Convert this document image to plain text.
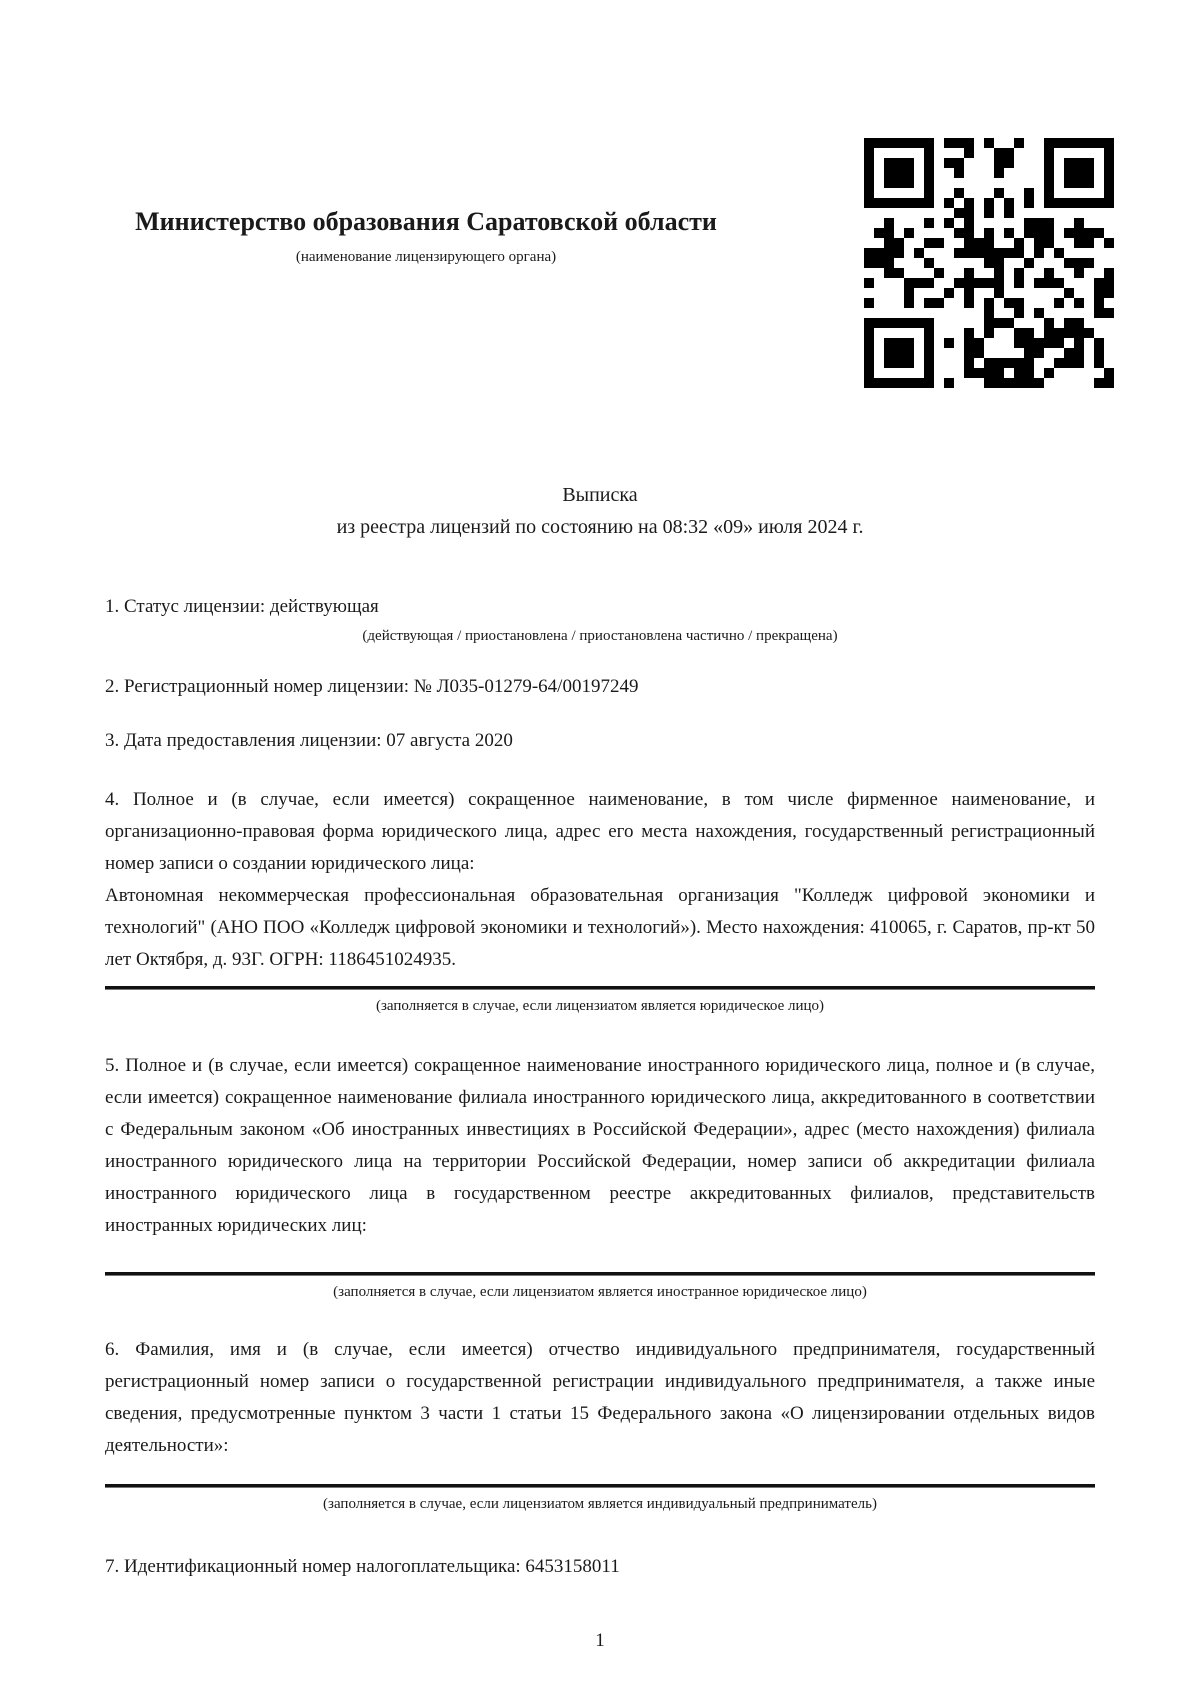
Министерство образования Саратовской области
(наименование лицензирующего органа)
Выписка
из реестра лицензий по состоянию на 08:32 «09» июля 2024 г.
1. Статус лицензии: действующая
(действующая / приостановлена / приостановлена частично / прекращена)
2. Регистрационный номер лицензии: № Л035-01279-64/00197249
3. Дата предоставления лицензии: 07 августа 2020
4. Полное и (в случае, если имеется) сокращенное наименование, в том числе фирменное наименование, и организационно-правовая форма юридического лица, адрес его места нахождения, государственный регистрационный номер записи о создании юридического лица:
Автономная некоммерческая профессиональная образовательная организация "Колледж цифровой экономики и технологий" (АНО ПОО «Колледж цифровой экономики и технологий»). Место нахождения: 410065, г. Саратов, пр-кт 50 лет Октября, д. 93Г. ОГРН: 1186451024935.
(заполняется в случае, если лицензиатом является юридическое лицо)
5. Полное и (в случае, если имеется) сокращенное наименование иностранного юридического лица, полное и (в случае, если имеется) сокращенное наименование филиала иностранного юридического лица, аккредитованного в соответствии с Федеральным законом «Об иностранных инвестициях в Российской Федерации», адрес (место нахождения) филиала иностранного юридического лица на территории Российской Федерации, номер записи об аккредитации филиала иностранного юридического лица в государственном реестре аккредитованных филиалов, представительств иностранных юридических лиц:
(заполняется в случае, если лицензиатом является иностранное юридическое лицо)
6. Фамилия, имя и (в случае, если имеется) отчество индивидуального предпринимателя, государственный регистрационный номер записи о государственной регистрации индивидуального предпринимателя, а также иные сведения, предусмотренные пунктом 3 части 1 статьи 15 Федерального закона «О лицензировании отдельных видов деятельности»:
(заполняется в случае, если лицензиатом является индивидуальный предприниматель)
7. Идентификационный номер налогоплательщика: 6453158011
1
